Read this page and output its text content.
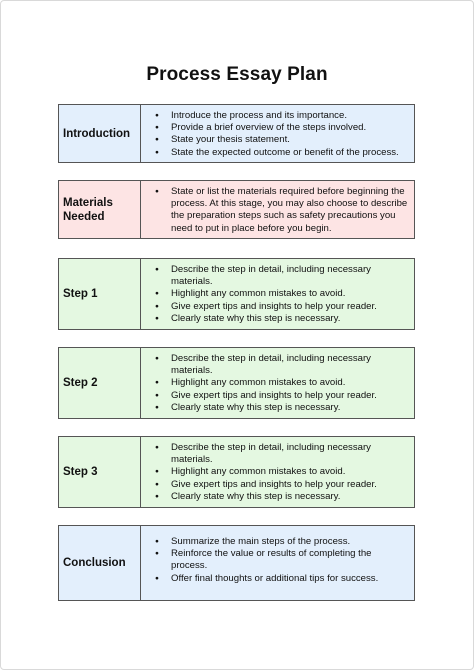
Process Essay Plan
Introduction
● Introduce the process and its importance.
● Provide a brief overview of the steps involved.
● State your thesis statement.
● State the expected outcome or benefit of the process.
Materials
Needed
● State or list the materials required before beginning the process. At this stage, you may also choose to describe the preparation steps such as safety precautions you need to put in place before you begin.
Step 1
● Describe the step in detail, including necessary materials.
● Highlight any common mistakes to avoid.
● Give expert tips and insights to help your reader.
● Clearly state why this step is necessary.
Step 2
● Describe the step in detail, including necessary materials.
● Highlight any common mistakes to avoid.
● Give expert tips and insights to help your reader.
● Clearly state why this step is necessary.
Step 3
● Describe the step in detail, including necessary materials.
● Highlight any common mistakes to avoid.
● Give expert tips and insights to help your reader.
● Clearly state why this step is necessary.
Conclusion
● Summarize the main steps of the process.
● Reinforce the value or results of completing the process.
● Offer final thoughts or additional tips for success.
